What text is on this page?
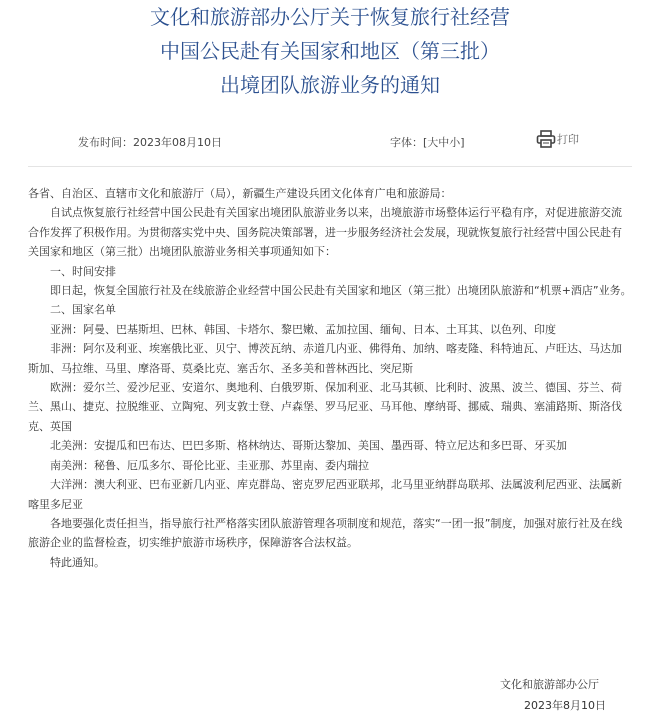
文化和旅游部办公厅关于恢复旅行社经营
中国公民赴有关国家和地区（第三批）
出境团队旅游业务的通知
发布时间：2023年08月10日	字体：[大中小]	打印

各省、自治区、直辖市文化和旅游厅（局），新疆生产建设兵团文化体育广电和旅游局：

自试点恢复旅行社经营中国公民赴有关国家出境团队旅游业务以来，出境旅游市场整体运行平稳有序，对促进旅游交流合作发挥了积极作用。为贯彻落实党中央、国务院决策部署，进一步服务经济社会发展，现就恢复旅行社经营中国公民赴有关国家和地区（第三批）出境团队旅游业务相关事项通知如下：

一、时间安排

即日起，恢复全国旅行社及在线旅游企业经营中国公民赴有关国家和地区（第三批）出境团队旅游和“机票+酒店”业务。

二、国家名单

亚洲：阿曼、巴基斯坦、巴林、韩国、卡塔尔、黎巴嫩、孟加拉国、缅甸、日本、土耳其、以色列、印度

非洲：阿尔及利亚、埃塞俄比亚、贝宁、博茨瓦纳、赤道几内亚、佛得角、加纳、喀麦隆、科特迪瓦、卢旺达、马达加斯加、马拉维、马里、摩洛哥、莫桑比克、塞舌尔、圣多美和普林西比、突尼斯

欧洲：爱尔兰、爱沙尼亚、安道尔、奥地利、白俄罗斯、保加利亚、北马其顿、比利时、波黑、波兰、德国、芬兰、荷兰、黑山、捷克、拉脱维亚、立陶宛、列支敦士登、卢森堡、罗马尼亚、马耳他、摩纳哥、挪威、瑞典、塞浦路斯、斯洛伐克、英国

北美洲：安提瓜和巴布达、巴巴多斯、格林纳达、哥斯达黎加、美国、墨西哥、特立尼达和多巴哥、牙买加

南美洲：秘鲁、厄瓜多尔、哥伦比亚、圭亚那、苏里南、委内瑞拉

大洋洲：澳大利亚、巴布亚新几内亚、库克群岛、密克罗尼西亚联邦，北马里亚纳群岛联邦、法属波利尼西亚、法属新喀里多尼亚

各地要强化责任担当，指导旅行社严格落实团队旅游管理各项制度和规范，落实“一团一报”制度，加强对旅行社及在线旅游企业的监督检查，切实维护旅游市场秩序，保障游客合法权益。

特此通知。

文化和旅游部办公厅
2023年8月10日
